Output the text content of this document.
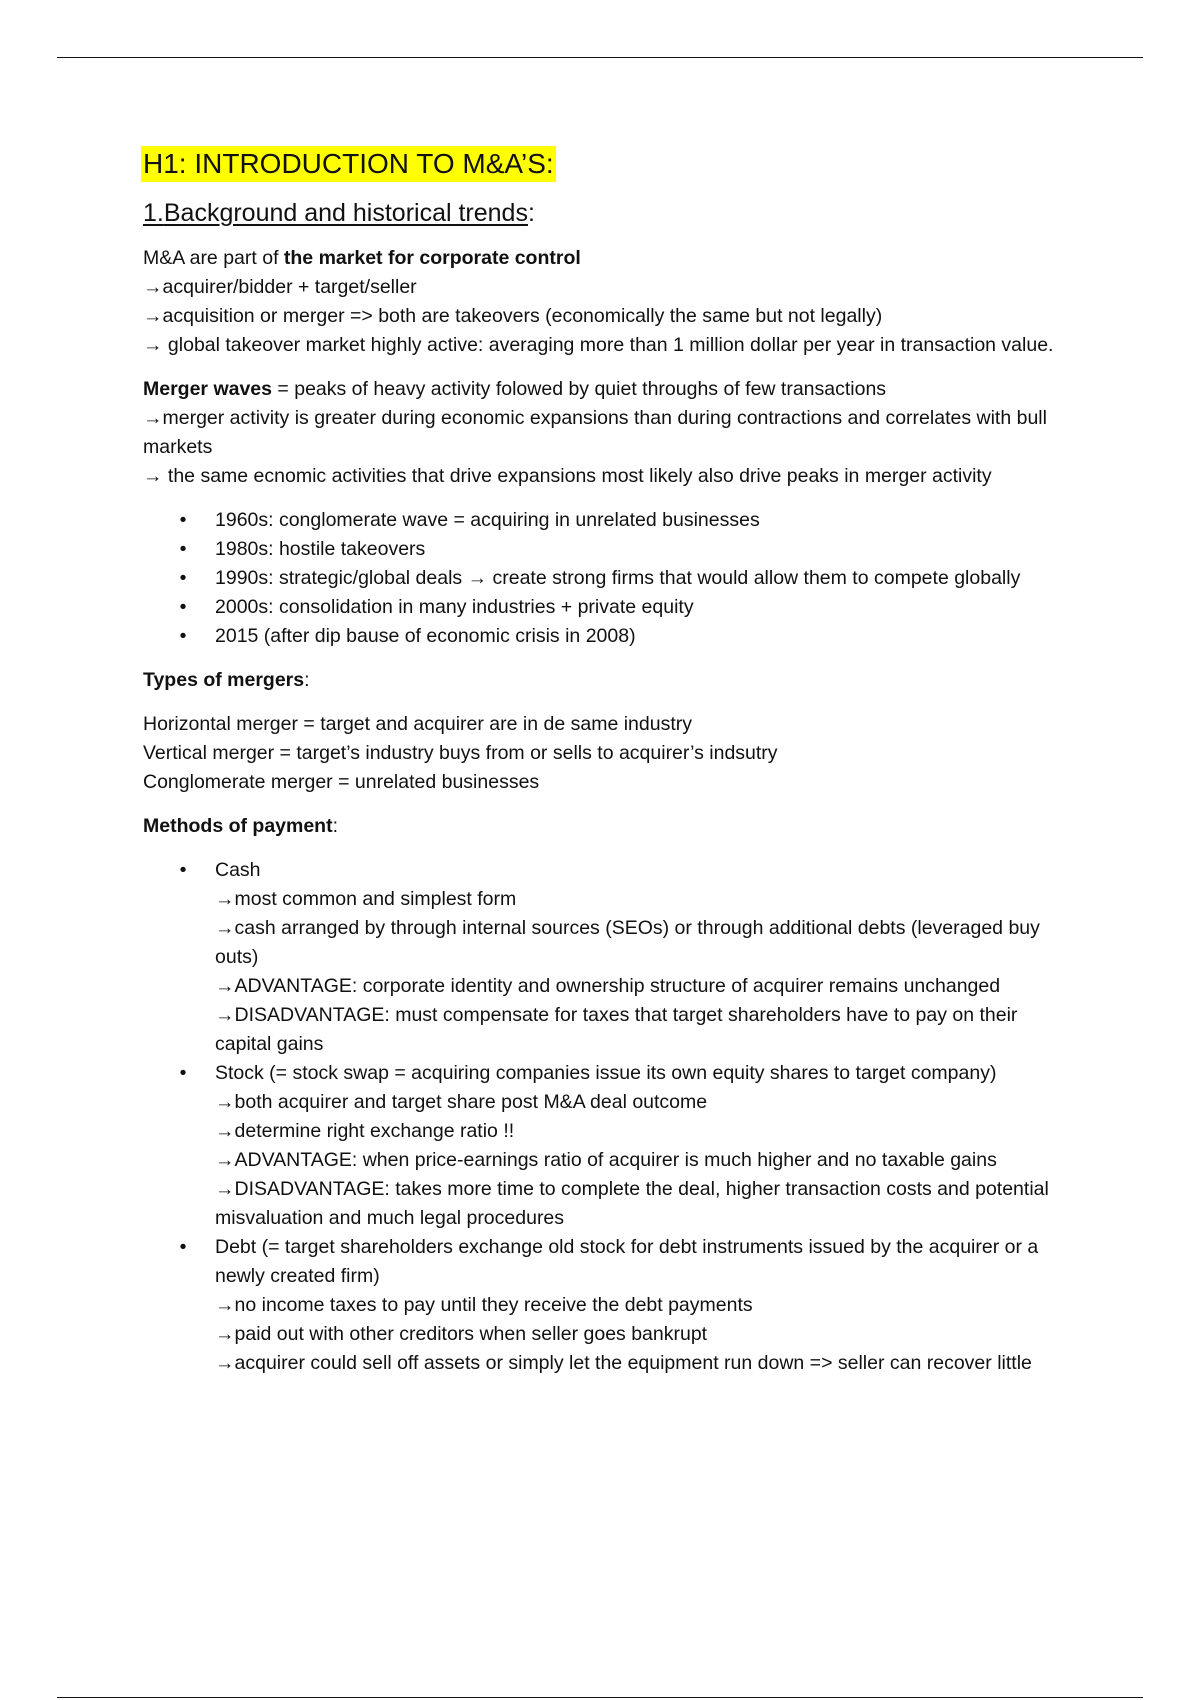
H1: INTRODUCTION TO M&A’S:
1.Background and historical trends:

M&A are part of the market for corporate control
→acquirer/bidder + target/seller
→acquisition or merger => both are takeovers (economically the same but not legally)
→ global takeover market highly active: averaging more than 1 million dollar per year in transaction value.

Merger waves = peaks of heavy activity folowed by quiet throughs of few transactions
→merger activity is greater during economic expansions than during contractions and correlates with bull markets
→ the same ecnomic activities that drive expansions most likely also drive peaks in merger activity

• 1960s: conglomerate wave = acquiring in unrelated businesses
• 1980s: hostile takeovers
• 1990s: strategic/global deals → create strong firms that would allow them to compete globally
• 2000s: consolidation in many industries + private equity
• 2015 (after dip bause of economic crisis in 2008)

Types of mergers:

Horizontal merger = target and acquirer are in de same industry
Vertical merger = target’s industry buys from or sells to acquirer’s indsutry
Conglomerate merger = unrelated businesses

Methods of payment:

• Cash
→most common and simplest form
→cash arranged by through internal sources (SEOs) or through additional debts (leveraged buy outs)
→ADVANTAGE: corporate identity and ownership structure of acquirer remains unchanged
→DISADVANTAGE: must compensate for taxes that target shareholders have to pay on their capital gains
• Stock (= stock swap = acquiring companies issue its own equity shares to target company)
→both acquirer and target share post M&A deal outcome
→determine right exchange ratio !!
→ADVANTAGE: when price-earnings ratio of acquirer is much higher and no taxable gains
→DISADVANTAGE: takes more time to complete the deal, higher transaction costs and potential misvaluation and much legal procedures
• Debt (= target shareholders exchange old stock for debt instruments issued by the acquirer or a newly created firm)
→no income taxes to pay until they receive the debt payments
→paid out with other creditors when seller goes bankrupt
→acquirer could sell off assets or simply let the equipment run down => seller can recover little
